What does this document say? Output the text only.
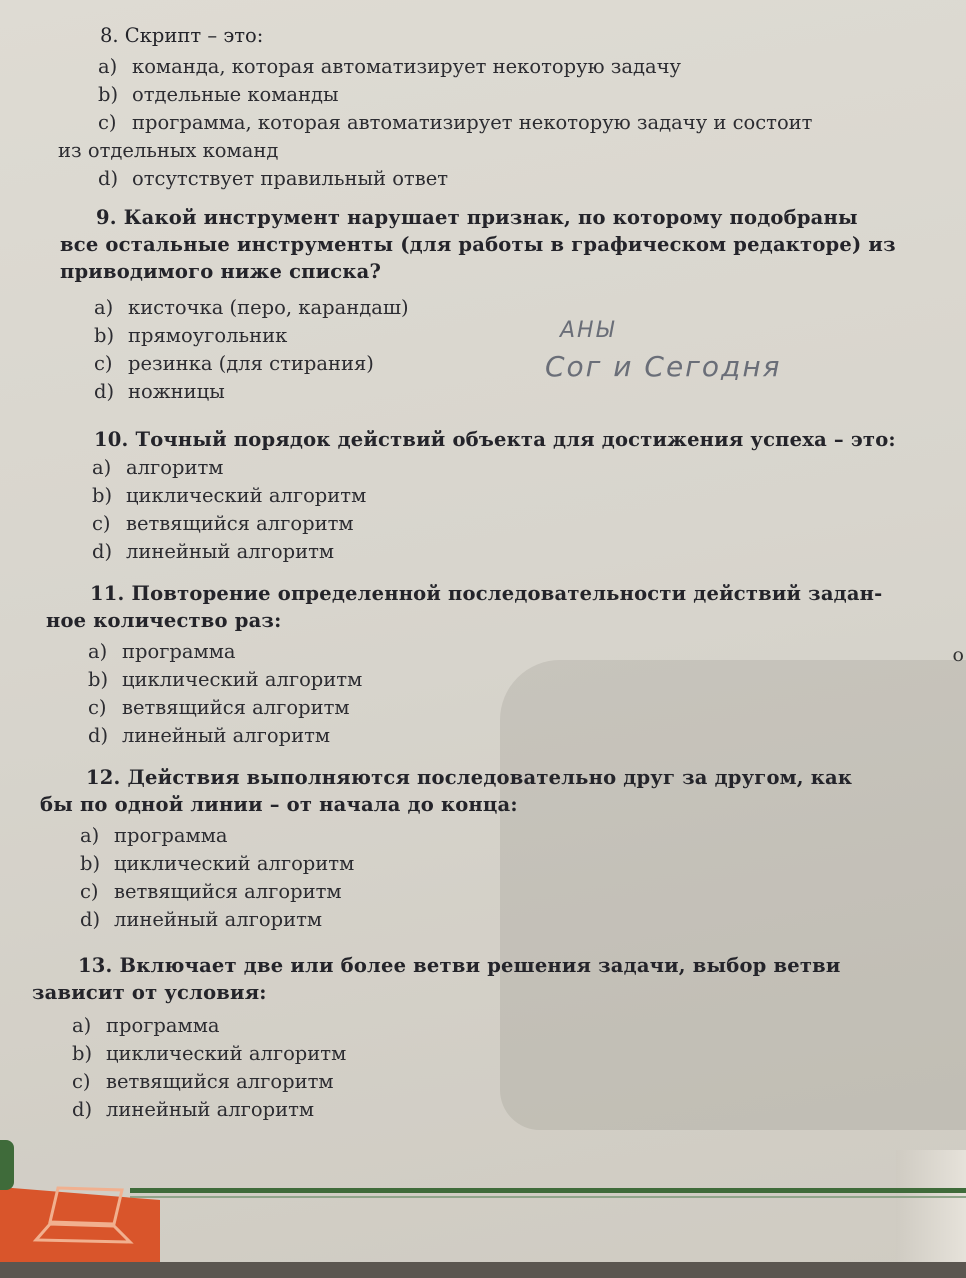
8. Скрипт – это:
a) команда, которая автоматизирует некоторую задачу
b) отдельные команды
c) программа, которая автоматизирует некоторую задачу и состоит
из отдельных команд
d) отсутствует правильный ответ
9. Какой инструмент нарушает признак, по которому подобраны
все остальные инструменты (для работы в графическом редакторе) из
приводимого ниже списка?
a) кисточка (перо, карандаш)
b) прямоугольник
c) резинка (для стирания)
d) ножницы
АНЫ
Сог и Сегодня
10. Точный порядок действий объекта для достижения успеха – это:
a) алгоритм
b) циклический алгоритм
c) ветвящийся алгоритм
d) линейный алгоритм
11. Повторение определенной последовательности действий задан-
ное количество раз:
a) программа
b) циклический алгоритм
c) ветвящийся алгоритм
d) линейный алгоритм
о
12. Действия выполняются последовательно друг за другом, как
бы по одной линии – от начала до конца:
a) программа
b) циклический алгоритм
c) ветвящийся алгоритм
d) линейный алгоритм
13. Включает две или более ветви решения задачи, выбор ветви
зависит от условия:
a) программа
b) циклический алгоритм
c) ветвящийся алгоритм
d) линейный алгоритм
